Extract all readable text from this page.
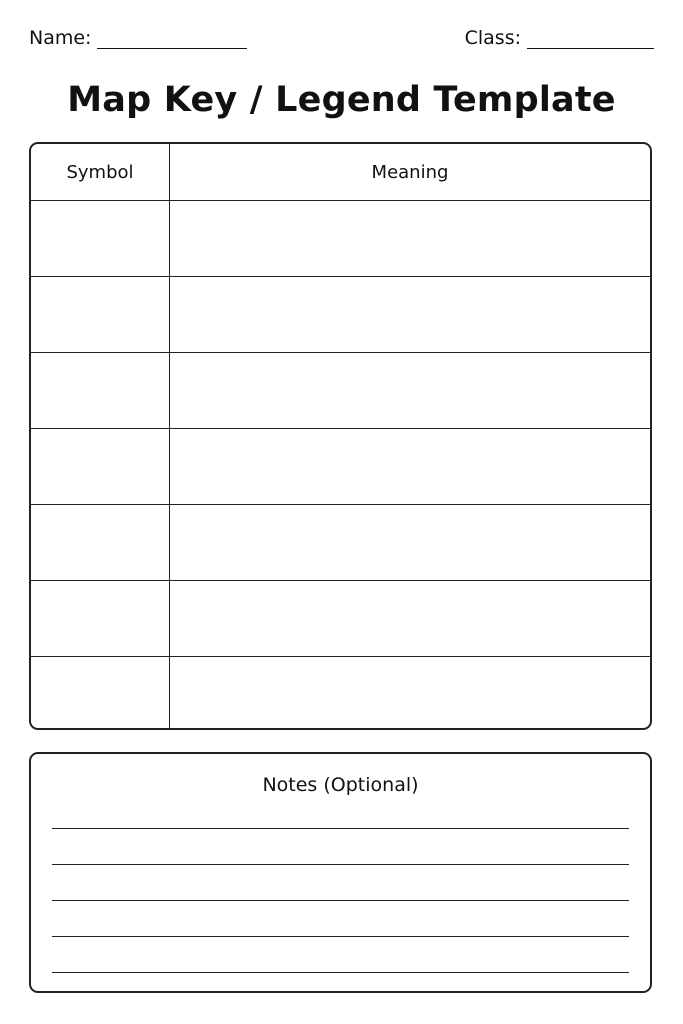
Name:	Class:
Map Key / Legend Template
Symbol	Meaning
Notes (Optional)
